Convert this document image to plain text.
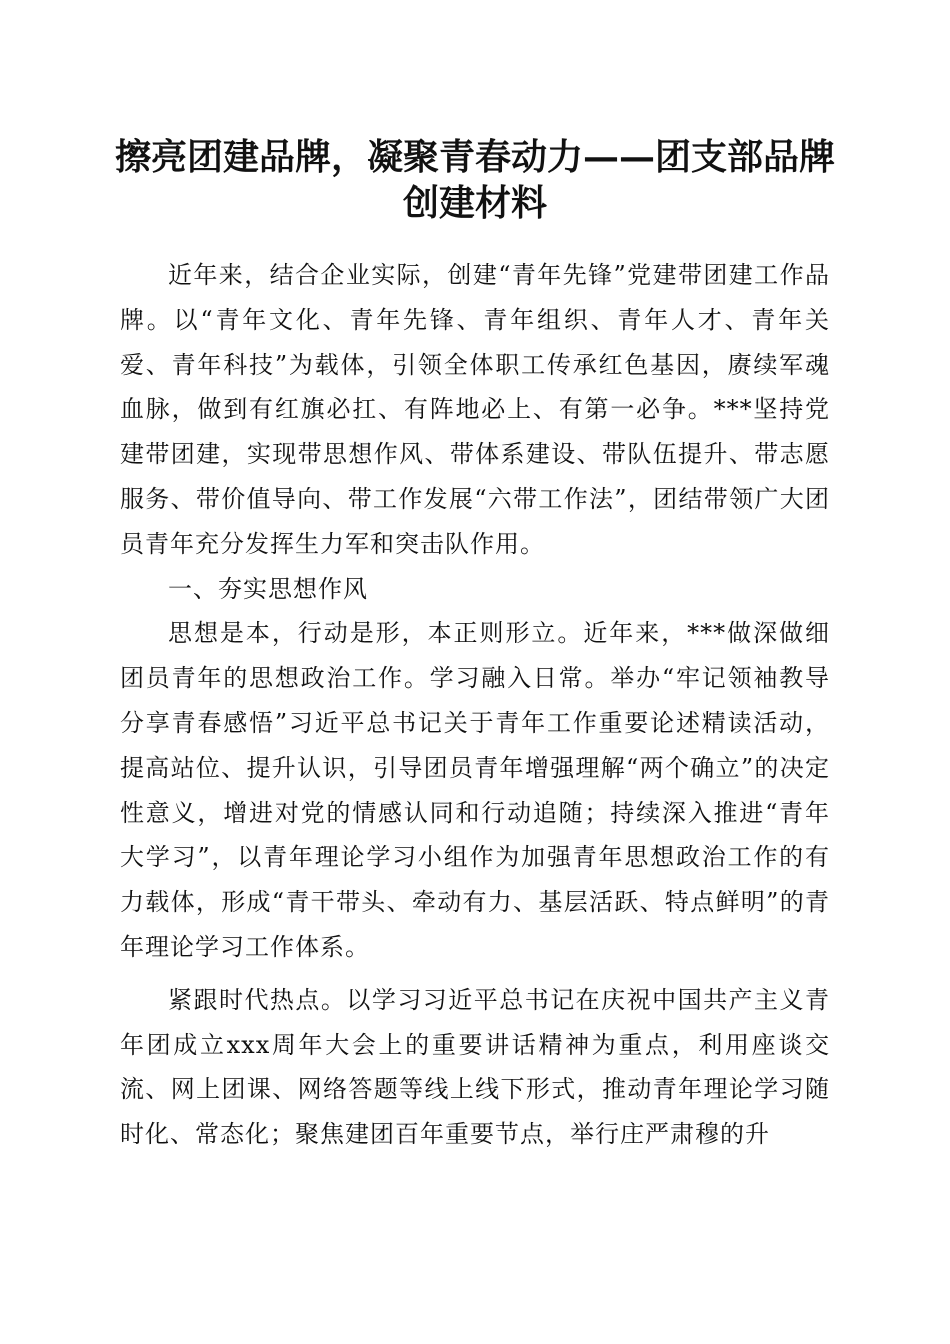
擦亮团建品牌，凝聚青春动力——团支部品牌创建材料

近年来，结合企业实际，创建“青年先锋”党建带团建工作品牌。以“青年文化、青年先锋、青年组织、青年人才、青年关爱、青年科技”为载体，引领全体职工传承红色基因，赓续军魂血脉，做到有红旗必扛、有阵地必上、有第一必争。***坚持党建带团建，实现带思想作风、带体系建设、带队伍提升、带志愿服务、带价值导向、带工作发展“六带工作法”，团结带领广大团员青年充分发挥生力军和突击队作用。

一、夯实思想作风

思想是本，行动是形，本正则形立。近年来，***做深做细团员青年的思想政治工作。学习融入日常。举办“牢记领袖教导分享青春感悟”习近平总书记关于青年工作重要论述精读活动，提高站位、提升认识，引导团员青年增强理解“两个确立”的决定性意义，增进对党的情感认同和行动追随；持续深入推进“青年大学习”，以青年理论学习小组作为加强青年思想政治工作的有力载体，形成“青干带头、牵动有力、基层活跃、特点鲜明”的青年理论学习工作体系。

紧跟时代热点。以学习习近平总书记在庆祝中国共产主义青年团成立xxx周年大会上的重要讲话精神为重点，利用座谈交流、网上团课、网络答题等线上线下形式，推动青年理论学习随时化、常态化；聚焦建团百年重要节点，举行庄严肃穆的升
